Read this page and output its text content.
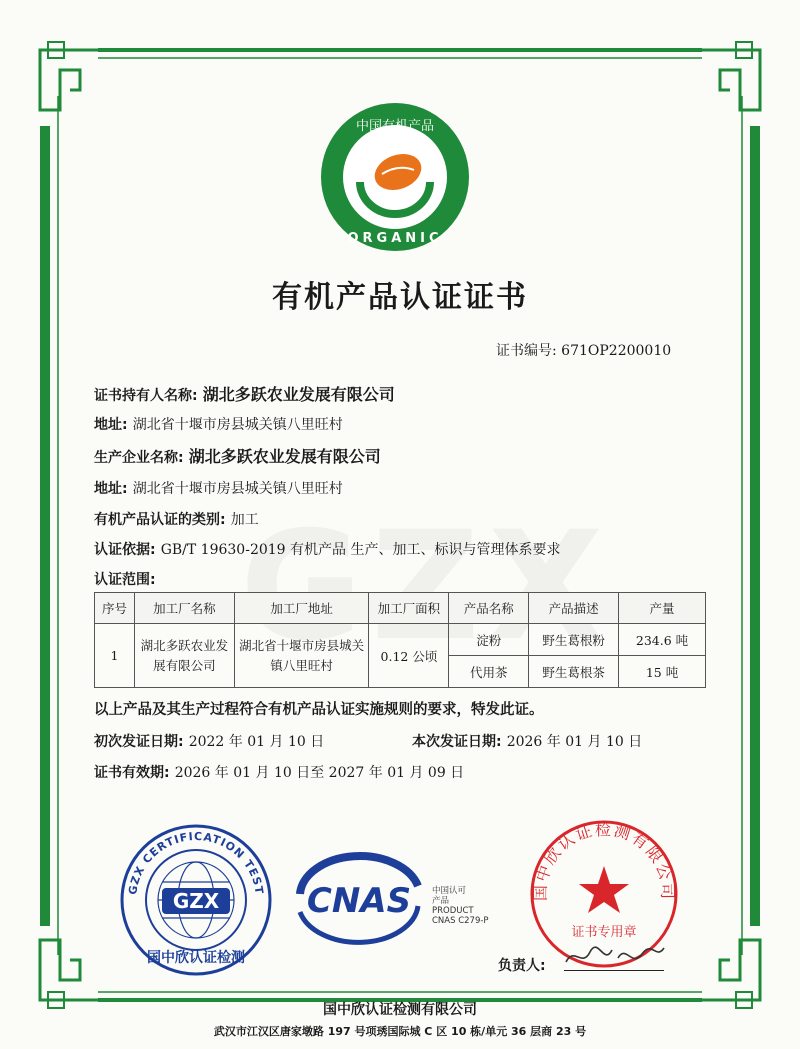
中国有机产品
ORGANIC
有机产品认证证书
证书编号: 671OP2200010
证书持有人名称: 湖北多跃农业发展有限公司
地址: 湖北省十堰市房县城关镇八里旺村
生产企业名称: 湖北多跃农业发展有限公司
地址: 湖北省十堰市房县城关镇八里旺村
有机产品认证的类别: 加工
认证依据: GB/T 19630-2019 有机产品 生产、加工、标识与管理体系要求
认证范围:
序号	加工厂名称	加工厂地址	加工厂面积	产品名称	产品描述	产量
1	湖北多跃农业发展有限公司	湖北省十堰市房县城关镇八里旺村	0.12 公顷	淀粉	野生葛根粉	234.6 吨
				代用茶	野生葛根茶	15 吨
以上产品及其生产过程符合有机产品认证实施规则的要求，特发此证。
初次发证日期: 2022 年 01 月 10 日	本次发证日期: 2026 年 01 月 10 日
证书有效期: 2026 年 01 月 10 日至 2027 年 01 月 09 日
GZX CERTIFICATION TEST
GZX
国中欣认证检测
CNAS 中国认可
产品
PRODUCT
CNAS C279-P
国中欣认证检测有限公司
证书专用章
负责人:
国中欣认证检测有限公司
武汉市江汉区唐家墩路 197 号项琇国际城 C 区 10 栋/单元 36 层商 23 号
